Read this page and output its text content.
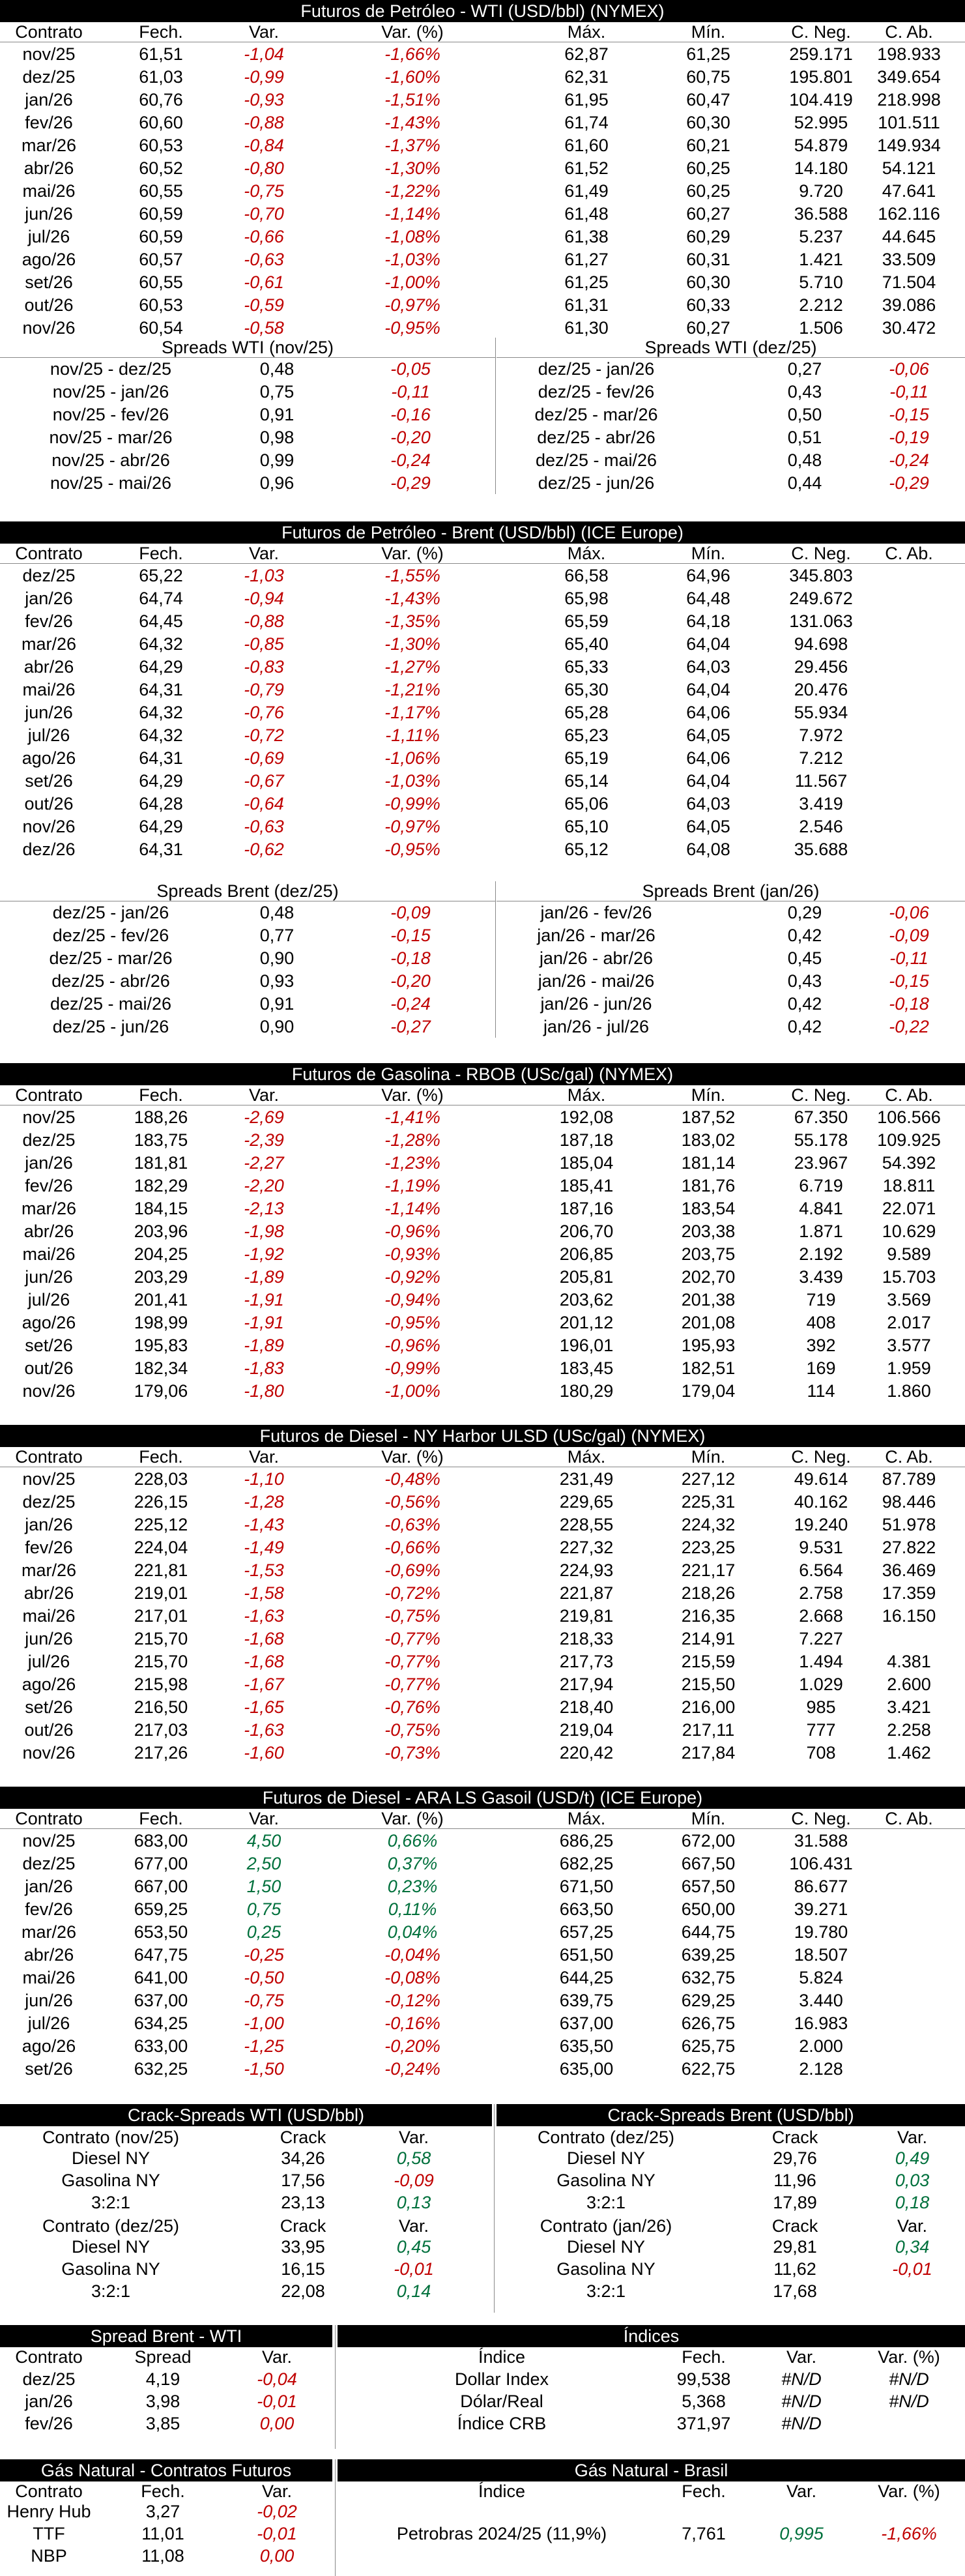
Futuros de Petróleo - WTI (USD/bbl) (NYMEX)
Contrato	Fech.	Var.	Var. (%)	Máx.	Mín.	C. Neg.	C. Ab.
nov/25	61,51	-1,04	-1,66%	62,87	61,25	259.171	198.933
dez/25	61,03	-0,99	-1,60%	62,31	60,75	195.801	349.654
jan/26	60,76	-0,93	-1,51%	61,95	60,47	104.419	218.998
fev/26	60,60	-0,88	-1,43%	61,74	60,30	52.995	101.511
mar/26	60,53	-0,84	-1,37%	61,60	60,21	54.879	149.934
abr/26	60,52	-0,80	-1,30%	61,52	60,25	14.180	54.121
mai/26	60,55	-0,75	-1,22%	61,49	60,25	9.720	47.641
jun/26	60,59	-0,70	-1,14%	61,48	60,27	36.588	162.116
jul/26	60,59	-0,66	-1,08%	61,38	60,29	5.237	44.645
ago/26	60,57	-0,63	-1,03%	61,27	60,31	1.421	33.509
set/26	60,55	-0,61	-1,00%	61,25	60,30	5.710	71.504
out/26	60,53	-0,59	-0,97%	61,31	60,33	2.212	39.086
nov/26	60,54	-0,58	-0,95%	61,30	60,27	1.506	30.472
Spreads WTI (nov/25)	Spreads WTI (dez/25)
nov/25 - dez/25	0,48	-0,05	dez/25 - jan/26	0,27	-0,06
nov/25 - jan/26	0,75	-0,11	dez/25 - fev/26	0,43	-0,11
nov/25 - fev/26	0,91	-0,16	dez/25 - mar/26	0,50	-0,15
nov/25 - mar/26	0,98	-0,20	dez/25 - abr/26	0,51	-0,19
nov/25 - abr/26	0,99	-0,24	dez/25 - mai/26	0,48	-0,24
nov/25 - mai/26	0,96	-0,29	dez/25 - jun/26	0,44	-0,29
Futuros de Petróleo - Brent (USD/bbl) (ICE Europe)
Contrato	Fech.	Var.	Var. (%)	Máx.	Mín.	C. Neg.	C. Ab.
dez/25	65,22	-1,03	-1,55%	66,58	64,96	345.803
jan/26	64,74	-0,94	-1,43%	65,98	64,48	249.672
fev/26	64,45	-0,88	-1,35%	65,59	64,18	131.063
mar/26	64,32	-0,85	-1,30%	65,40	64,04	94.698
abr/26	64,29	-0,83	-1,27%	65,33	64,03	29.456
mai/26	64,31	-0,79	-1,21%	65,30	64,04	20.476
jun/26	64,32	-0,76	-1,17%	65,28	64,06	55.934
jul/26	64,32	-0,72	-1,11%	65,23	64,05	7.972
ago/26	64,31	-0,69	-1,06%	65,19	64,06	7.212
set/26	64,29	-0,67	-1,03%	65,14	64,04	11.567
out/26	64,28	-0,64	-0,99%	65,06	64,03	3.419
nov/26	64,29	-0,63	-0,97%	65,10	64,05	2.546
dez/26	64,31	-0,62	-0,95%	65,12	64,08	35.688
Spreads Brent (dez/25)	Spreads Brent (jan/26)
dez/25 - jan/26	0,48	-0,09	jan/26 - fev/26	0,29	-0,06
dez/25 - fev/26	0,77	-0,15	jan/26 - mar/26	0,42	-0,09
dez/25 - mar/26	0,90	-0,18	jan/26 - abr/26	0,45	-0,11
dez/25 - abr/26	0,93	-0,20	jan/26 - mai/26	0,43	-0,15
dez/25 - mai/26	0,91	-0,24	jan/26 - jun/26	0,42	-0,18
dez/25 - jun/26	0,90	-0,27	jan/26 - jul/26	0,42	-0,22
Futuros de Gasolina - RBOB (USc/gal) (NYMEX)
Contrato	Fech.	Var.	Var. (%)	Máx.	Mín.	C. Neg.	C. Ab.
nov/25	188,26	-2,69	-1,41%	192,08	187,52	67.350	106.566
dez/25	183,75	-2,39	-1,28%	187,18	183,02	55.178	109.925
jan/26	181,81	-2,27	-1,23%	185,04	181,14	23.967	54.392
fev/26	182,29	-2,20	-1,19%	185,41	181,76	6.719	18.811
mar/26	184,15	-2,13	-1,14%	187,16	183,54	4.841	22.071
abr/26	203,96	-1,98	-0,96%	206,70	203,38	1.871	10.629
mai/26	204,25	-1,92	-0,93%	206,85	203,75	2.192	9.589
jun/26	203,29	-1,89	-0,92%	205,81	202,70	3.439	15.703
jul/26	201,41	-1,91	-0,94%	203,62	201,38	719	3.569
ago/26	198,99	-1,91	-0,95%	201,12	201,08	408	2.017
set/26	195,83	-1,89	-0,96%	196,01	195,93	392	3.577
out/26	182,34	-1,83	-0,99%	183,45	182,51	169	1.959
nov/26	179,06	-1,80	-1,00%	180,29	179,04	114	1.860
Futuros de Diesel - NY Harbor ULSD (USc/gal) (NYMEX)
Contrato	Fech.	Var.	Var. (%)	Máx.	Mín.	C. Neg.	C. Ab.
nov/25	228,03	-1,10	-0,48%	231,49	227,12	49.614	87.789
dez/25	226,15	-1,28	-0,56%	229,65	225,31	40.162	98.446
jan/26	225,12	-1,43	-0,63%	228,55	224,32	19.240	51.978
fev/26	224,04	-1,49	-0,66%	227,32	223,25	9.531	27.822
mar/26	221,81	-1,53	-0,69%	224,93	221,17	6.564	36.469
abr/26	219,01	-1,58	-0,72%	221,87	218,26	2.758	17.359
mai/26	217,01	-1,63	-0,75%	219,81	216,35	2.668	16.150
jun/26	215,70	-1,68	-0,77%	218,33	214,91	7.227
jul/26	215,70	-1,68	-0,77%	217,73	215,59	1.494	4.381
ago/26	215,98	-1,67	-0,77%	217,94	215,50	1.029	2.600
set/26	216,50	-1,65	-0,76%	218,40	216,00	985	3.421
out/26	217,03	-1,63	-0,75%	219,04	217,11	777	2.258
nov/26	217,26	-1,60	-0,73%	220,42	217,84	708	1.462
Futuros de Diesel - ARA LS Gasoil (USD/t) (ICE Europe)
Contrato	Fech.	Var.	Var. (%)	Máx.	Mín.	C. Neg.	C. Ab.
nov/25	683,00	4,50	0,66%	686,25	672,00	31.588
dez/25	677,00	2,50	0,37%	682,25	667,50	106.431
jan/26	667,00	1,50	0,23%	671,50	657,50	86.677
fev/26	659,25	0,75	0,11%	663,50	650,00	39.271
mar/26	653,50	0,25	0,04%	657,25	644,75	19.780
abr/26	647,75	-0,25	-0,04%	651,50	639,25	18.507
mai/26	641,00	-0,50	-0,08%	644,25	632,75	5.824
jun/26	637,00	-0,75	-0,12%	639,75	629,25	3.440
jul/26	634,25	-1,00	-0,16%	637,00	626,75	16.983
ago/26	633,00	-1,25	-0,20%	635,50	625,75	2.000
set/26	632,25	-1,50	-0,24%	635,00	622,75	2.128
Crack-Spreads WTI (USD/bbl)	Crack-Spreads Brent (USD/bbl)
Contrato (nov/25)	Crack	Var.
Diesel NY	34,26	0,58
Gasolina NY	17,56	-0,09
3:2:1	23,13	0,13
Contrato (dez/25)	Crack	Var.
Diesel NY	33,95	0,45
Gasolina NY	16,15	-0,01
3:2:1	22,08	0,14
Contrato (dez/25)	Crack	Var.
Diesel NY	29,76	0,49
Gasolina NY	11,96	0,03
3:2:1	17,89	0,18
Contrato (jan/26)	Crack	Var.
Diesel NY	29,81	0,34
Gasolina NY	11,62	-0,01
3:2:1	17,68
Spread Brent - WTI	Índices
Contrato	Spread	Var.	Índice	Fech.	Var.	Var. (%)
dez/25	4,19	-0,04	Dollar Index	99,538	#N/D	#N/D
jan/26	3,98	-0,01	Dólar/Real	5,368	#N/D	#N/D
fev/26	3,85	0,00	Índice CRB	371,97	#N/D
Gás Natural - Contratos Futuros	Gás Natural - Brasil
Contrato	Fech.	Var.	Índice	Fech.	Var.	Var. (%)
Henry Hub	3,27	-0,02
TTF	11,01	-0,01
NBP	11,08	0,00
Petrobras 2024/25 (11,9%)	7,761	0,995	-1,66%
